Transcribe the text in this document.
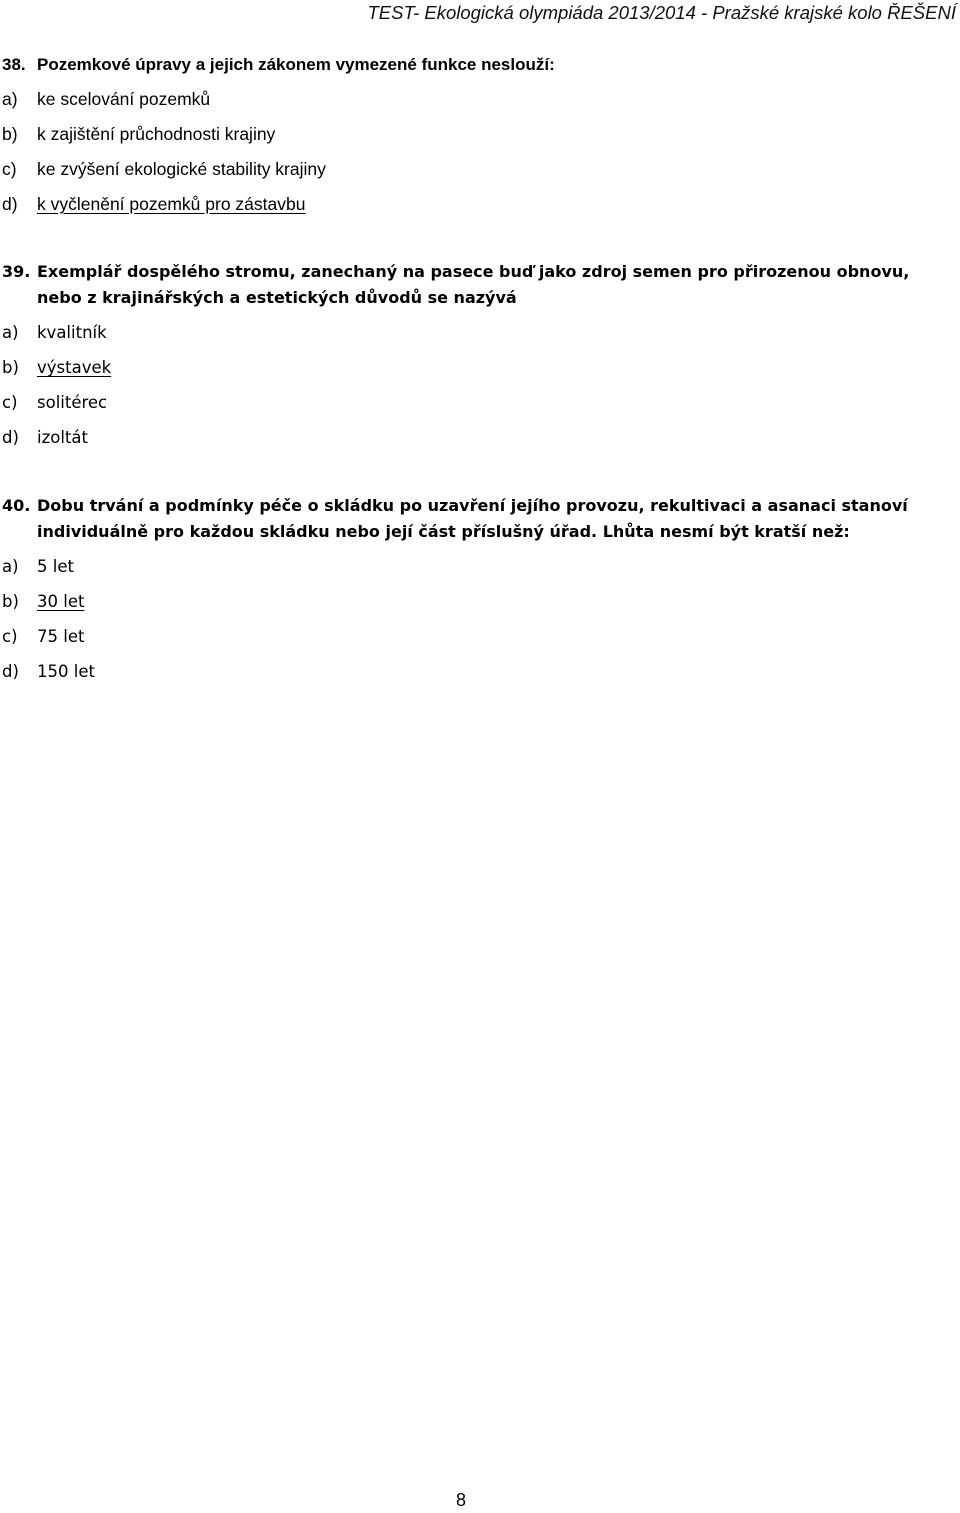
TEST- Ekologická olympiáda 2013/2014 - Pražské krajské kolo ŘEŠENÍ
38. Pozemkové úpravy a jejich zákonem vymezené funkce neslouží:
a) ke scelování pozemků
b) k zajištění průchodnosti krajiny
c) ke zvýšení ekologické stability krajiny
d) k vyčlenění pozemků pro zástavbu
39. Exemplář dospělého stromu, zanechaný na pasece buď jako zdroj semen pro přirozenou obnovu, nebo z krajinářských a estetických důvodů se nazývá
a) kvalitník
b) výstavek
c) solitérec
d) izoltát
40. Dobu trvání a podmínky péče o skládku po uzavření jejího provozu, rekultivaci a asanaci stanoví individuálně pro každou skládku nebo její část příslušný úřad. Lhůta nesmí být kratší než:
a) 5 let
b) 30 let
c) 75 let
d) 150 let
8
